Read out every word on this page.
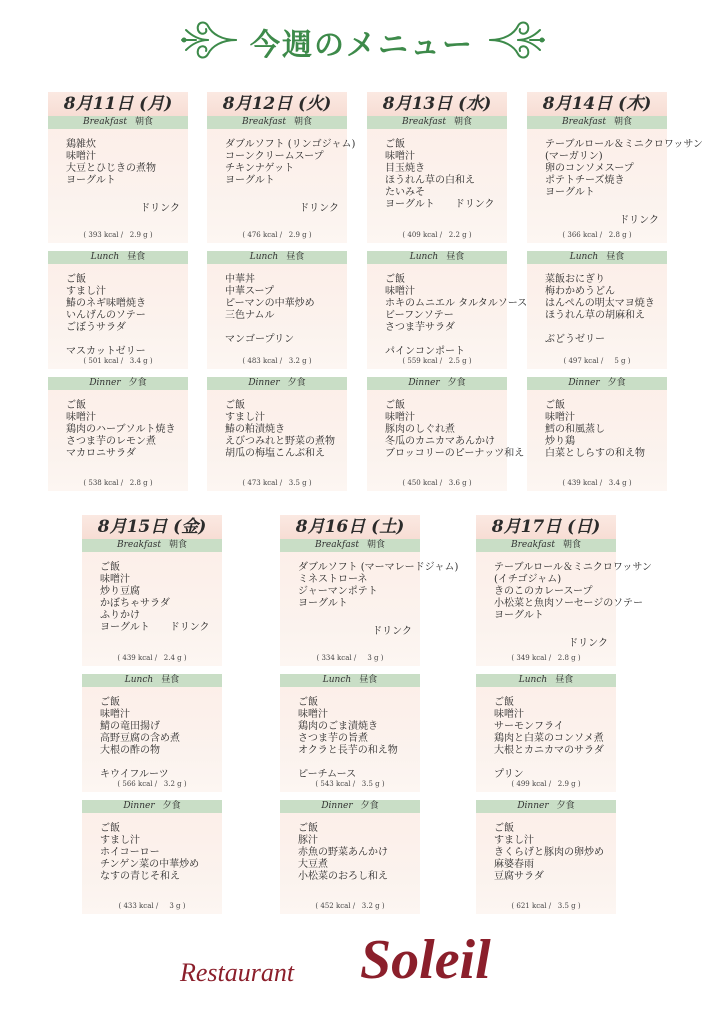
今週のメニュー
8月11日 (月)
Breakfast 朝食
鶏雑炊
味噌汁
大豆とひじきの煮物
ヨーグルト
ドリンク
( 393 kcal /   2.9 g )
Lunch 昼食
ご飯
すまし汁
鰆のネギ味噌焼き
いんげんのソテー
ごぼうサラダ
マスカットゼリー
( 501 kcal /   3.4 g )
Dinner 夕食
ご飯
味噌汁
鶏肉のハーブソルト焼き
さつま芋のレモン煮
マカロニサラダ
( 538 kcal /   2.8 g )
8月12日 (火)
Breakfast 朝食
ダブルソフト (リンゴジャム)
コーンクリームスープ
チキンナゲット
ヨーグルト
ドリンク
( 476 kcal /   2.9 g )
Lunch 昼食
中華丼
中華スープ
ピーマンの中華炒め
三色ナムル
マンゴープリン
( 483 kcal /   3.2 g )
Dinner 夕食
ご飯
すまし汁
鰆の粕漬焼き
えびつみれと野菜の煮物
胡瓜の梅塩こんぶ和え
( 473 kcal /   3.5 g )
8月13日 (水)
Breakfast 朝食
ご飯
味噌汁
目玉焼き
ほうれん草の白和え
たいみそ
ヨーグルト　　ドリンク
( 409 kcal /   2.2 g )
Lunch 昼食
ご飯
味噌汁
ホキのムニエル タルタルソース
ビーフンソテー
さつま芋サラダ
パインコンポート
( 559 kcal /   2.5 g )
Dinner 夕食
ご飯
味噌汁
豚肉のしぐれ煮
冬瓜のカニカマあんかけ
ブロッコリーのピーナッツ和え
( 450 kcal /   3.6 g )
8月14日 (木)
Breakfast 朝食
テーブルロール＆ミニクロワッサン
(マーガリン)
卵のコンソメスープ
ポテトチーズ焼き
ヨーグルト
ドリンク
( 366 kcal /   2.8 g )
Lunch 昼食
菜飯おにぎり
梅わかめうどん
はんぺんの明太マヨ焼き
ほうれん草の胡麻和え
ぶどうゼリー
( 497 kcal /     5 g )
Dinner 夕食
ご飯
味噌汁
鱈の和風蒸し
炒り鶏
白菜としらすの和え物
( 439 kcal /   3.4 g )
8月15日 (金)
Breakfast 朝食
ご飯
味噌汁
炒り豆腐
かぼちゃサラダ
ふりかけ
ヨーグルト　　ドリンク
( 439 kcal /   2.4 g )
Lunch 昼食
ご飯
味噌汁
鯖の竜田揚げ
高野豆腐の含め煮
大根の酢の物
キウイフルーツ
( 566 kcal /   3.2 g )
Dinner 夕食
ご飯
すまし汁
ホイコーロー
チンゲン菜の中華炒め
なすの青じそ和え
( 433 kcal /     3 g )
8月16日 (土)
Breakfast 朝食
ダブルソフト (マーマレードジャム)
ミネストローネ
ジャーマンポテト
ヨーグルト
ドリンク
( 334 kcal /     3 g )
Lunch 昼食
ご飯
味噌汁
鶏肉のごま漬焼き
さつま芋の旨煮
オクラと長芋の和え物
ピーチムース
( 543 kcal /   3.5 g )
Dinner 夕食
ご飯
豚汁
赤魚の野菜あんかけ
大豆煮
小松菜のおろし和え
( 452 kcal /   3.2 g )
8月17日 (日)
Breakfast 朝食
テーブルロール＆ミニクロワッサン
(イチゴジャム)
きのこのカレースープ
小松菜と魚肉ソーセージのソテー
ヨーグルト
ドリンク
( 349 kcal /   2.8 g )
Lunch 昼食
ご飯
味噌汁
サーモンフライ
鶏肉と白菜のコンソメ煮
大根とカニカマのサラダ
プリン
( 499 kcal /   2.9 g )
Dinner 夕食
ご飯
すまし汁
きくらげと豚肉の卵炒め
麻婆春雨
豆腐サラダ
( 621 kcal /   3.5 g )
Restaurant Soleil
